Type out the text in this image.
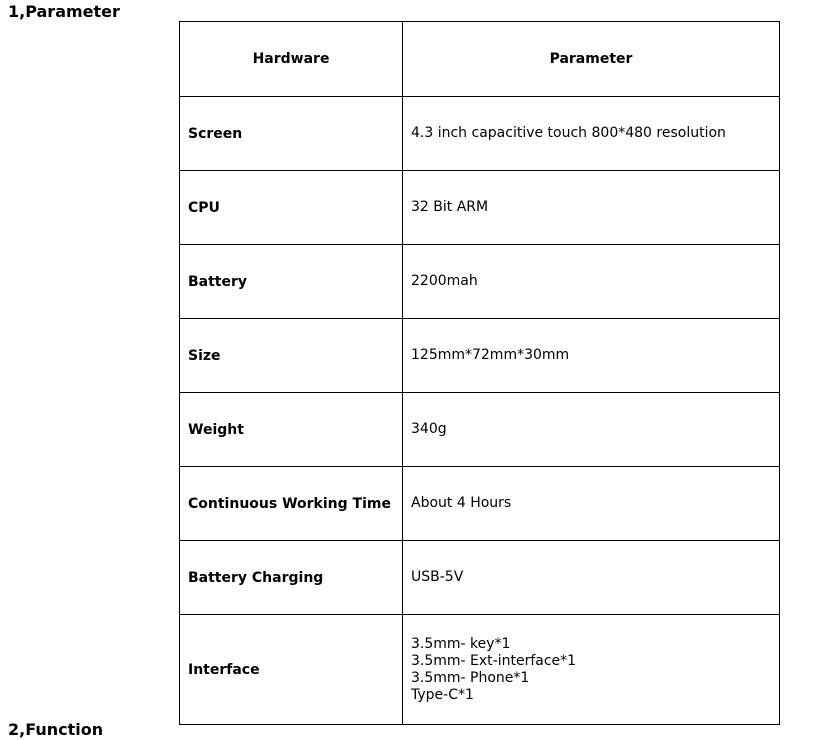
1,Parameter
Hardware	Parameter
Screen	4.3 inch capacitive touch 800*480 resolution

CPU	32 Bit ARM

Battery	2200mah

Size	125mm*72mm*30mm

Weight	340g

Continuous Working Time	About 4 Hours

Battery Charging	USB-5V

Interface	3.5mm- key*1
3.5mm- Ext-interface*1
3.5mm- Phone*1
Type-C*1
2,Function
